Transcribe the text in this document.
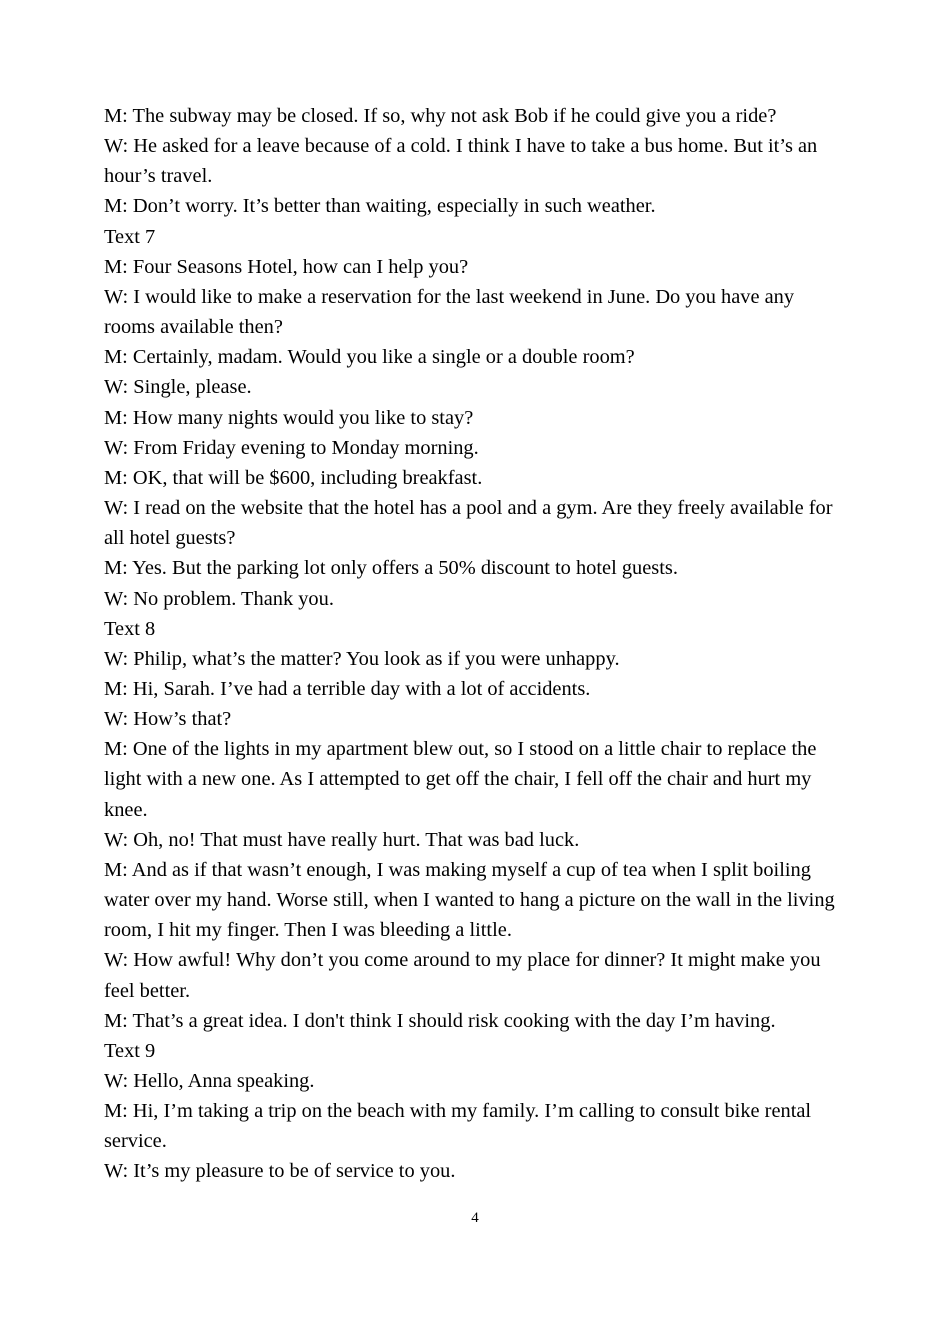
M: The subway may be closed. If so, why not ask Bob if he could give you a ride?

W: He asked for a leave because of a cold. I think I have to take a bus home. But it’s an hour’s travel.

M: Don’t worry. It’s better than waiting, especially in such weather.

Text 7

M: Four Seasons Hotel, how can I help you?

W: I would like to make a reservation for the last weekend in June. Do you have any rooms available then?

M: Certainly, madam. Would you like a single or a double room?

W: Single, please.

M: How many nights would you like to stay?

W: From Friday evening to Monday morning.

M: OK, that will be $600, including breakfast.

W: I read on the website that the hotel has a pool and a gym. Are they freely available for all hotel guests?

M: Yes. But the parking lot only offers a 50% discount to hotel guests.

W: No problem. Thank you.

Text 8

W: Philip, what’s the matter? You look as if you were unhappy.

M: Hi, Sarah. I’ve had a terrible day with a lot of accidents.

W: How’s that?

M: One of the lights in my apartment blew out, so I stood on a little chair to replace the light with a new one. As I attempted to get off the chair, I fell off the chair and hurt my knee.

W: Oh, no! That must have really hurt. That was bad luck.

M: And as if that wasn’t enough, I was making myself a cup of tea when I split boiling water over my hand. Worse still, when I wanted to hang a picture on the wall in the living room, I hit my finger. Then I was bleeding a little.

W: How awful! Why don’t you come around to my place for dinner? It might make you feel better.

M: That’s a great idea. I don't think I should risk cooking with the day I’m having.

Text 9

W: Hello, Anna speaking.

M: Hi, I’m taking a trip on the beach with my family. I’m calling to consult bike rental service.

W: It’s my pleasure to be of service to you.

4
